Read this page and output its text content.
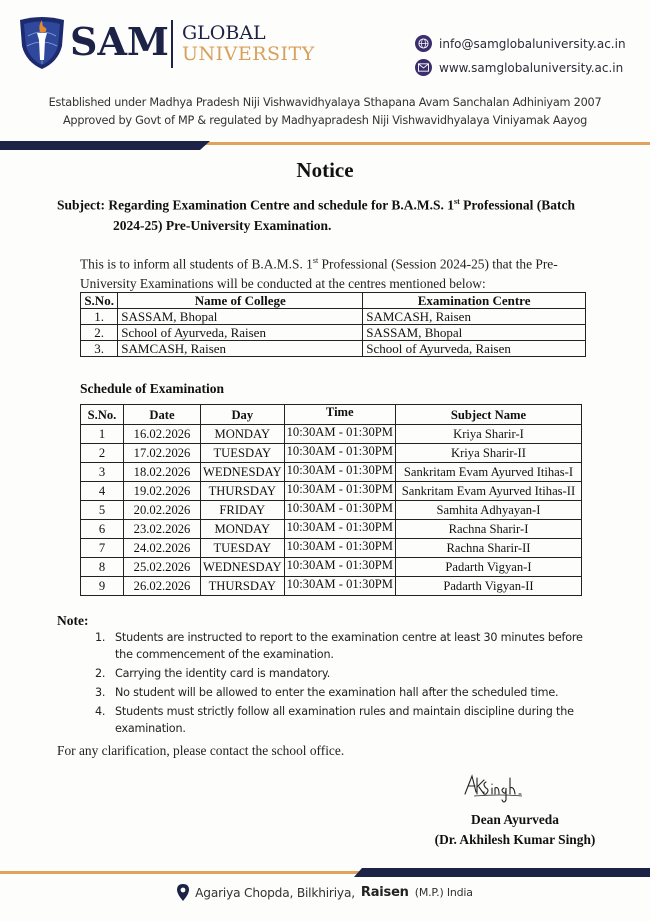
SAM GLOBAL
UNIVERSITY	info@samglobaluniversity.ac.in
www.samglobaluniversity.ac.in
Established under Madhya Pradesh Niji Vishwavidhyalaya Sthapana Avam Sanchalan Adhiniyam 2007
Approved by Govt of MP & regulated by Madhyapradesh Niji Vishwavidhyalaya Viniyamak Aayog
Notice
Subject: Regarding Examination Centre and schedule for B.A.M.S. 1st Professional (Batch
2024-25) Pre-University Examination.
This is to inform all students of B.A.M.S. 1st Professional (Session 2024-25) that the Pre-University Examinations will be conducted at the centres mentioned below:
S.No.	Name of College	Examination Centre
1.	SASSAM, Bhopal	SAMCASH, Raisen
2.	School of Ayurveda, Raisen	SASSAM, Bhopal
3.	SAMCASH, Raisen	School of Ayurveda, Raisen
Schedule of Examination
S.No.	Date	Day	Time	Subject Name
1	16.02.2026	MONDAY	10:30AM - 01:30PM	Kriya Sharir-I
2	17.02.2026	TUESDAY	10:30AM - 01:30PM	Kriya Sharir-II
3	18.02.2026	WEDNESDAY	10:30AM - 01:30PM	Sankritam Evam Ayurved Itihas-I
4	19.02.2026	THURSDAY	10:30AM - 01:30PM	Sankritam Evam Ayurved Itihas-II
5	20.02.2026	FRIDAY	10:30AM - 01:30PM	Samhita Adhyayan-I
6	23.02.2026	MONDAY	10:30AM - 01:30PM	Rachna Sharir-I
7	24.02.2026	TUESDAY	10:30AM - 01:30PM	Rachna Sharir-II
8	25.02.2026	WEDNESDAY	10:30AM - 01:30PM	Padarth Vigyan-I
9	26.02.2026	THURSDAY	10:30AM - 01:30PM	Padarth Vigyan-II
Note:
1. Students are instructed to report to the examination centre at least 30 minutes before the commencement of the examination.
2. Carrying the identity card is mandatory.
3. No student will be allowed to enter the examination hall after the scheduled time.
4. Students must strictly follow all examination rules and maintain discipline during the examination.
For any clarification, please contact the school office.
Dean Ayurveda
(Dr. Akhilesh Kumar Singh)
Agariya Chopda, Bilkhiriya, Raisen (M.P.) India
